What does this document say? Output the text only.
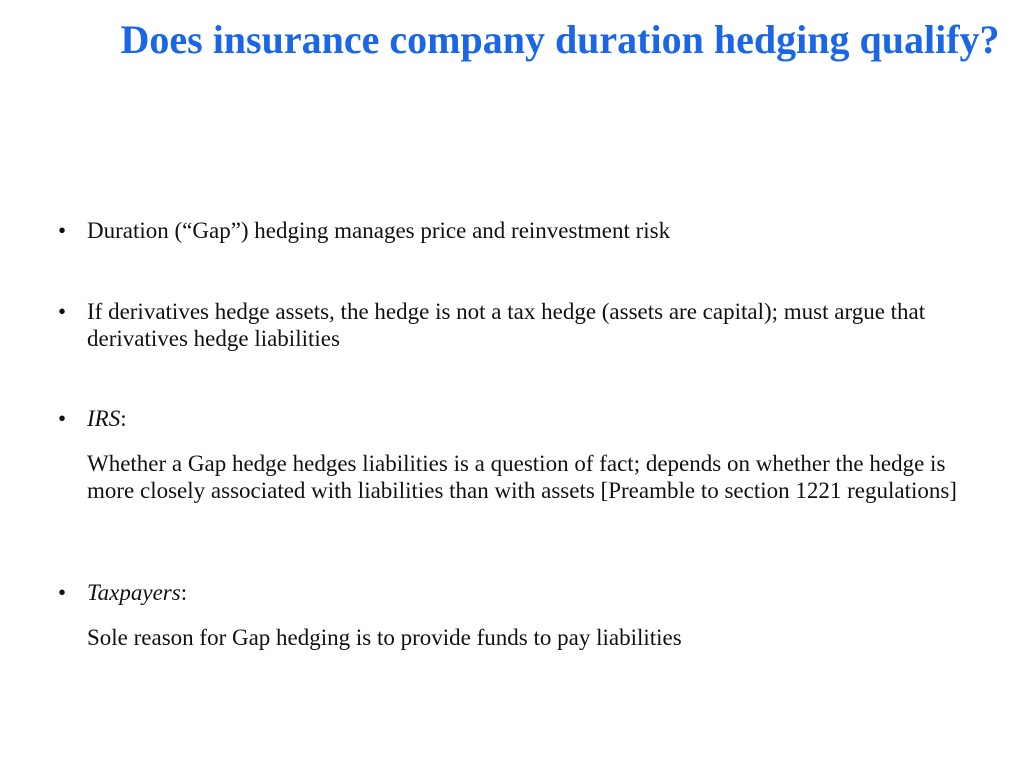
Does insurance company duration hedging qualify?
• Duration (“Gap”) hedging manages price and reinvestment risk
• If derivatives hedge assets, the hedge is not a tax hedge (assets are capital); must argue that derivatives hedge liabilities
• IRS:
Whether a Gap hedge hedges liabilities is a question of fact; depends on whether the hedge is more closely associated with liabilities than with assets [Preamble to section 1221 regulations]
• Taxpayers:
Sole reason for Gap hedging is to provide funds to pay liabilities
